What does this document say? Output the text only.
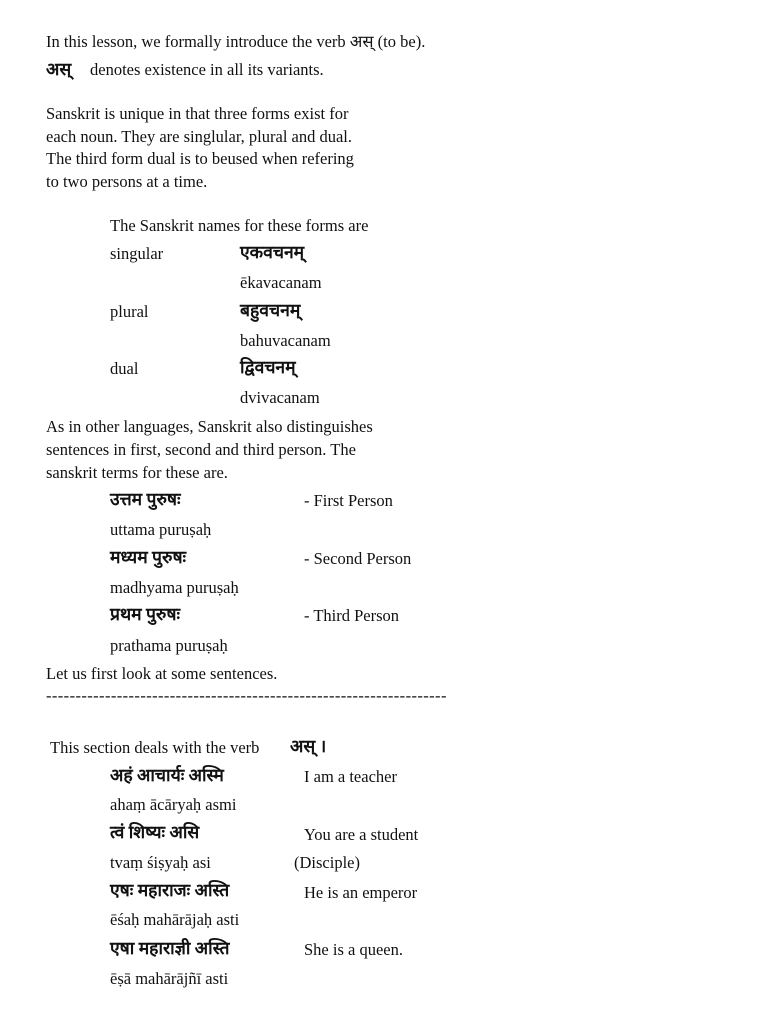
In this lesson, we formally introduce the verb अस् (to be).
अस् denotes existence in all its variants.
Sanskrit is unique in that three forms exist for
each noun. They are singlular, plural and dual.
The third form dual is to beused when refering
to two persons at a time.
The Sanskrit names for these forms are
singular	एकवचनम्
ēkavacanam
plural	बहुवचनम्
bahuvacanam
dual	द्विवचनम्
dvivacanam
As in other languages, Sanskrit also distinguishes
sentences in first, second and third person. The
sanskrit terms for these are.
उत्तम पुरुषः	- First Person
uttama puruṣaḥ
मध्यम पुरुषः	- Second Person
madhyama puruṣaḥ
प्रथम पुरुषः	- Third Person
prathama puruṣaḥ
Let us first look at some sentences.
--------------------------------------------------------------------
This section deals with the verb अस् ।
अहं आचार्यः अस्मि	I am a teacher
ahaṃ ācāryaḥ asmi
त्वं शिष्यः असि	You are a student
tvaṃ śiṣyaḥ asi	(Disciple)
एषः महाराजः अस्ति	He is an emperor
ēśaḥ mahārājaḥ asti
एषा महाराज्ञी अस्ति	She is a queen.
ēṣā mahārājñī asti
